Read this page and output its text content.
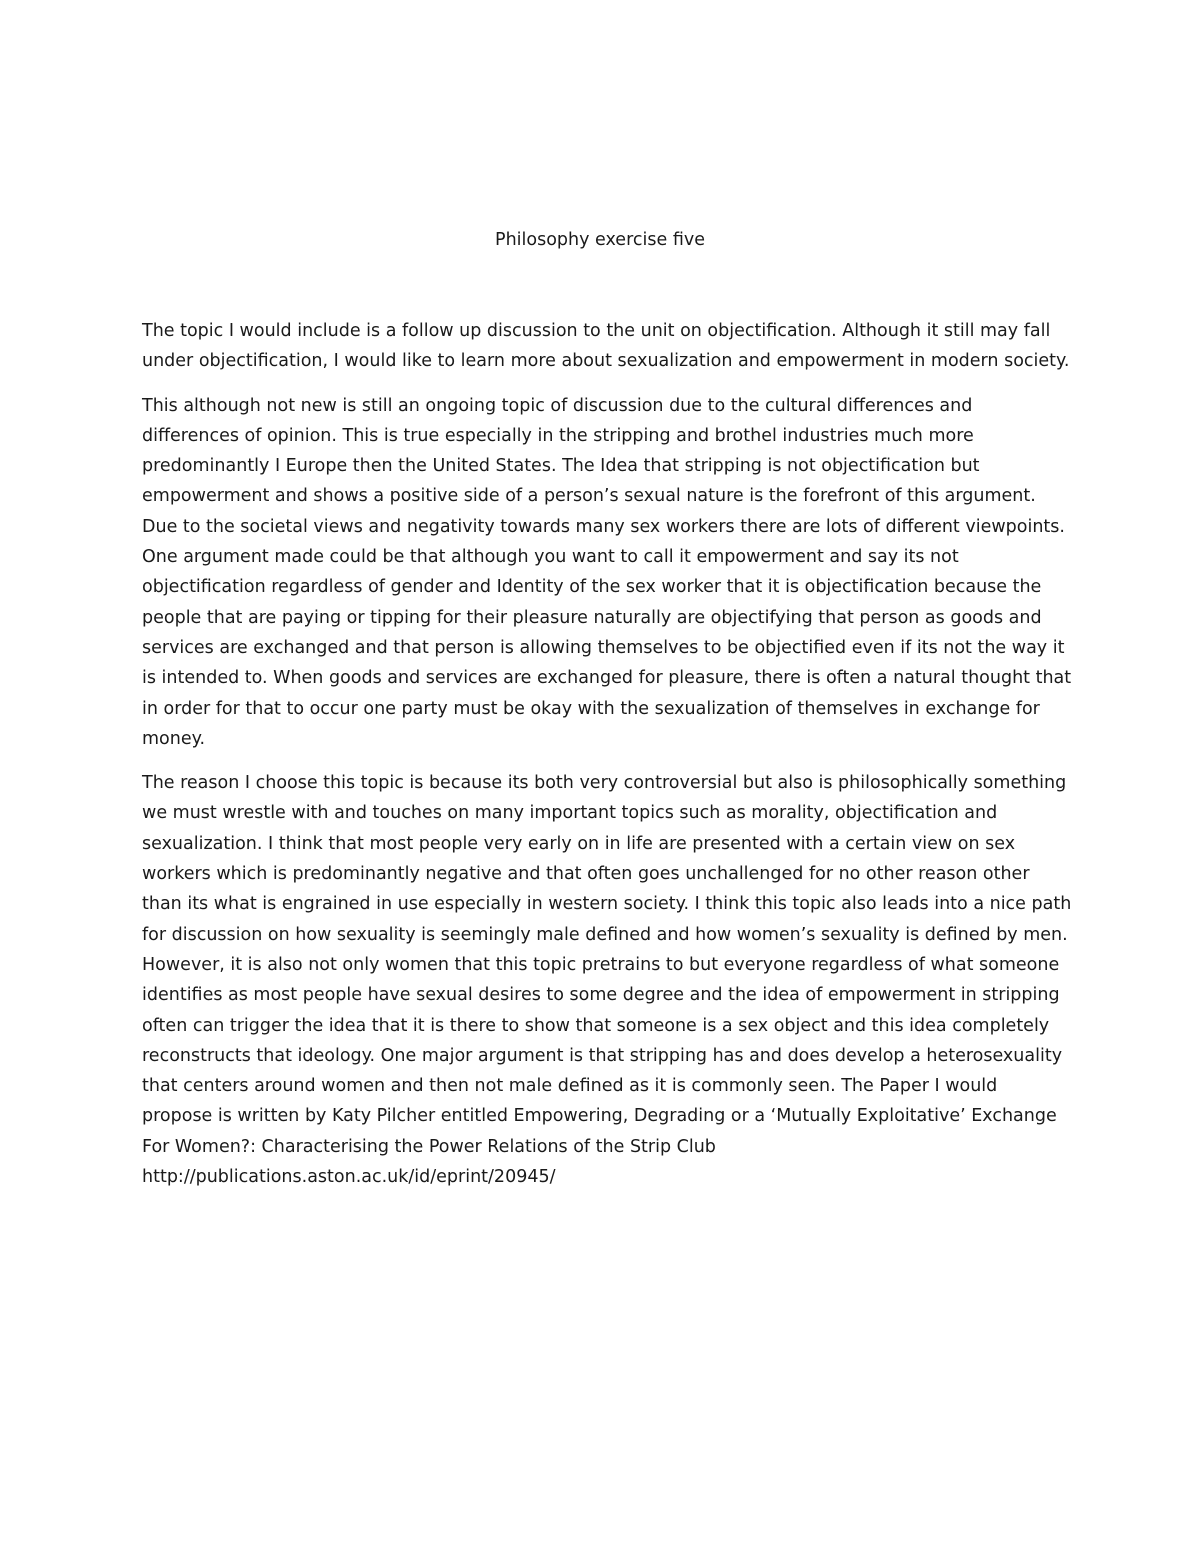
Philosophy exercise five

The topic I would include is a follow up discussion to the unit on objectification. Although it still may fall under objectification, I would like to learn more about sexualization and empowerment in modern society.

This although not new is still an ongoing topic of discussion due to the cultural differences and differences of opinion. This is true especially in the stripping and brothel industries much more predominantly I Europe then the United States. The Idea that stripping is not objectification but empowerment and shows a positive side of a person’s sexual nature is the forefront of this argument. Due to the societal views and negativity towards many sex workers there are lots of different viewpoints. One argument made could be that although you want to call it empowerment and say its not objectification regardless of gender and Identity of the sex worker that it is objectification because the people that are paying or tipping for their pleasure naturally are objectifying that person as goods and services are exchanged and that person is allowing themselves to be objectified even if its not the way it is intended to. When goods and services are exchanged for pleasure, there is often a natural thought that in order for that to occur one party must be okay with the sexualization of themselves in exchange for money.

The reason I choose this topic is because its both very controversial but also is philosophically something we must wrestle with and touches on many important topics such as morality, objectification and sexualization. I think that most people very early on in life are presented with a certain view on sex workers which is predominantly negative and that often goes unchallenged for no other reason other than its what is engrained in use especially in western society. I think this topic also leads into a nice path for discussion on how sexuality is seemingly male defined and how women’s sexuality is defined by men. However, it is also not only women that this topic pretrains to but everyone regardless of what someone identifies as most people have sexual desires to some degree and the idea of empowerment in stripping often can trigger the idea that it is there to show that someone is a sex object and this idea completely reconstructs that ideology. One major argument is that stripping has and does develop a heterosexuality that centers around women and then not male defined as it is commonly seen. The Paper I would propose is written by Katy Pilcher entitled Empowering, Degrading or a ‘Mutually Exploitative’ Exchange For Women?: Characterising the Power Relations of the Strip Club

http://publications.aston.ac.uk/id/eprint/20945/
